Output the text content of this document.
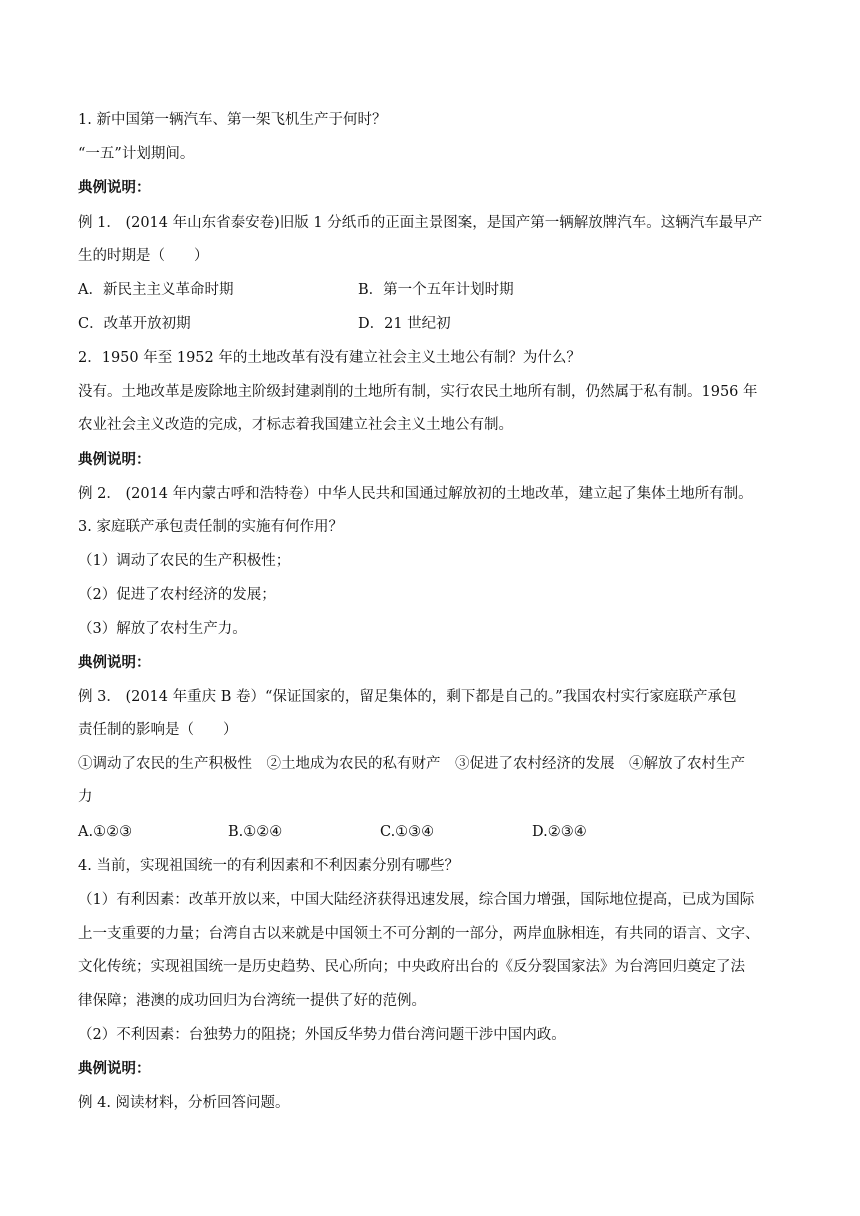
1. 新中国第一辆汽车、第一架飞机生产于何时？
“一五”计划期间。
典例说明：
例 1． (2014 年山东省泰安卷)旧版 1 分纸币的正面主景图案，是国产第一辆解放牌汽车。这辆汽车最早产
生的时期是（　　）
A．新民主主义革命时期	B．第一个五年计划时期
C．改革开放初期	D．21 世纪初
2．1950 年至 1952 年的土地改革有没有建立社会主义土地公有制？为什么？
没有。土地改革是废除地主阶级封建剥削的土地所有制，实行农民土地所有制，仍然属于私有制。1956 年
农业社会主义改造的完成，才标志着我国建立社会主义土地公有制。
典例说明：
例 2． (2014 年内蒙古呼和浩特卷）中华人民共和国通过解放初的土地改革，建立起了集体土地所有制。
3. 家庭联产承包责任制的实施有何作用？
（1）调动了农民的生产积极性；
（2）促进了农村经济的发展；
（3）解放了农村生产力。
典例说明：
例 3． (2014 年重庆 B 卷）“保证国家的，留足集体的，剩下都是自己的。”我国农村实行家庭联产承包
责任制的影响是（　　）
①调动了农民的生产积极性　②土地成为农民的私有财产　③促进了农村经济的发展　④解放了农村生产
力
A.①②③	B.①②④	C.①③④	D.②③④
4. 当前，实现祖国统一的有利因素和不利因素分别有哪些？
（1）有利因素：改革开放以来，中国大陆经济获得迅速发展，综合国力增强，国际地位提高，已成为国际
上一支重要的力量；台湾自古以来就是中国领土不可分割的一部分，两岸血脉相连，有共同的语言、文字、
文化传统；实现祖国统一是历史趋势、民心所向；中央政府出台的《反分裂国家法》为台湾回归奠定了法
律保障；港澳的成功回归为台湾统一提供了好的范例。
（2）不利因素：台独势力的阻挠；外国反华势力借台湾问题干涉中国内政。
典例说明：
例 4. 阅读材料，分析回答问题。
